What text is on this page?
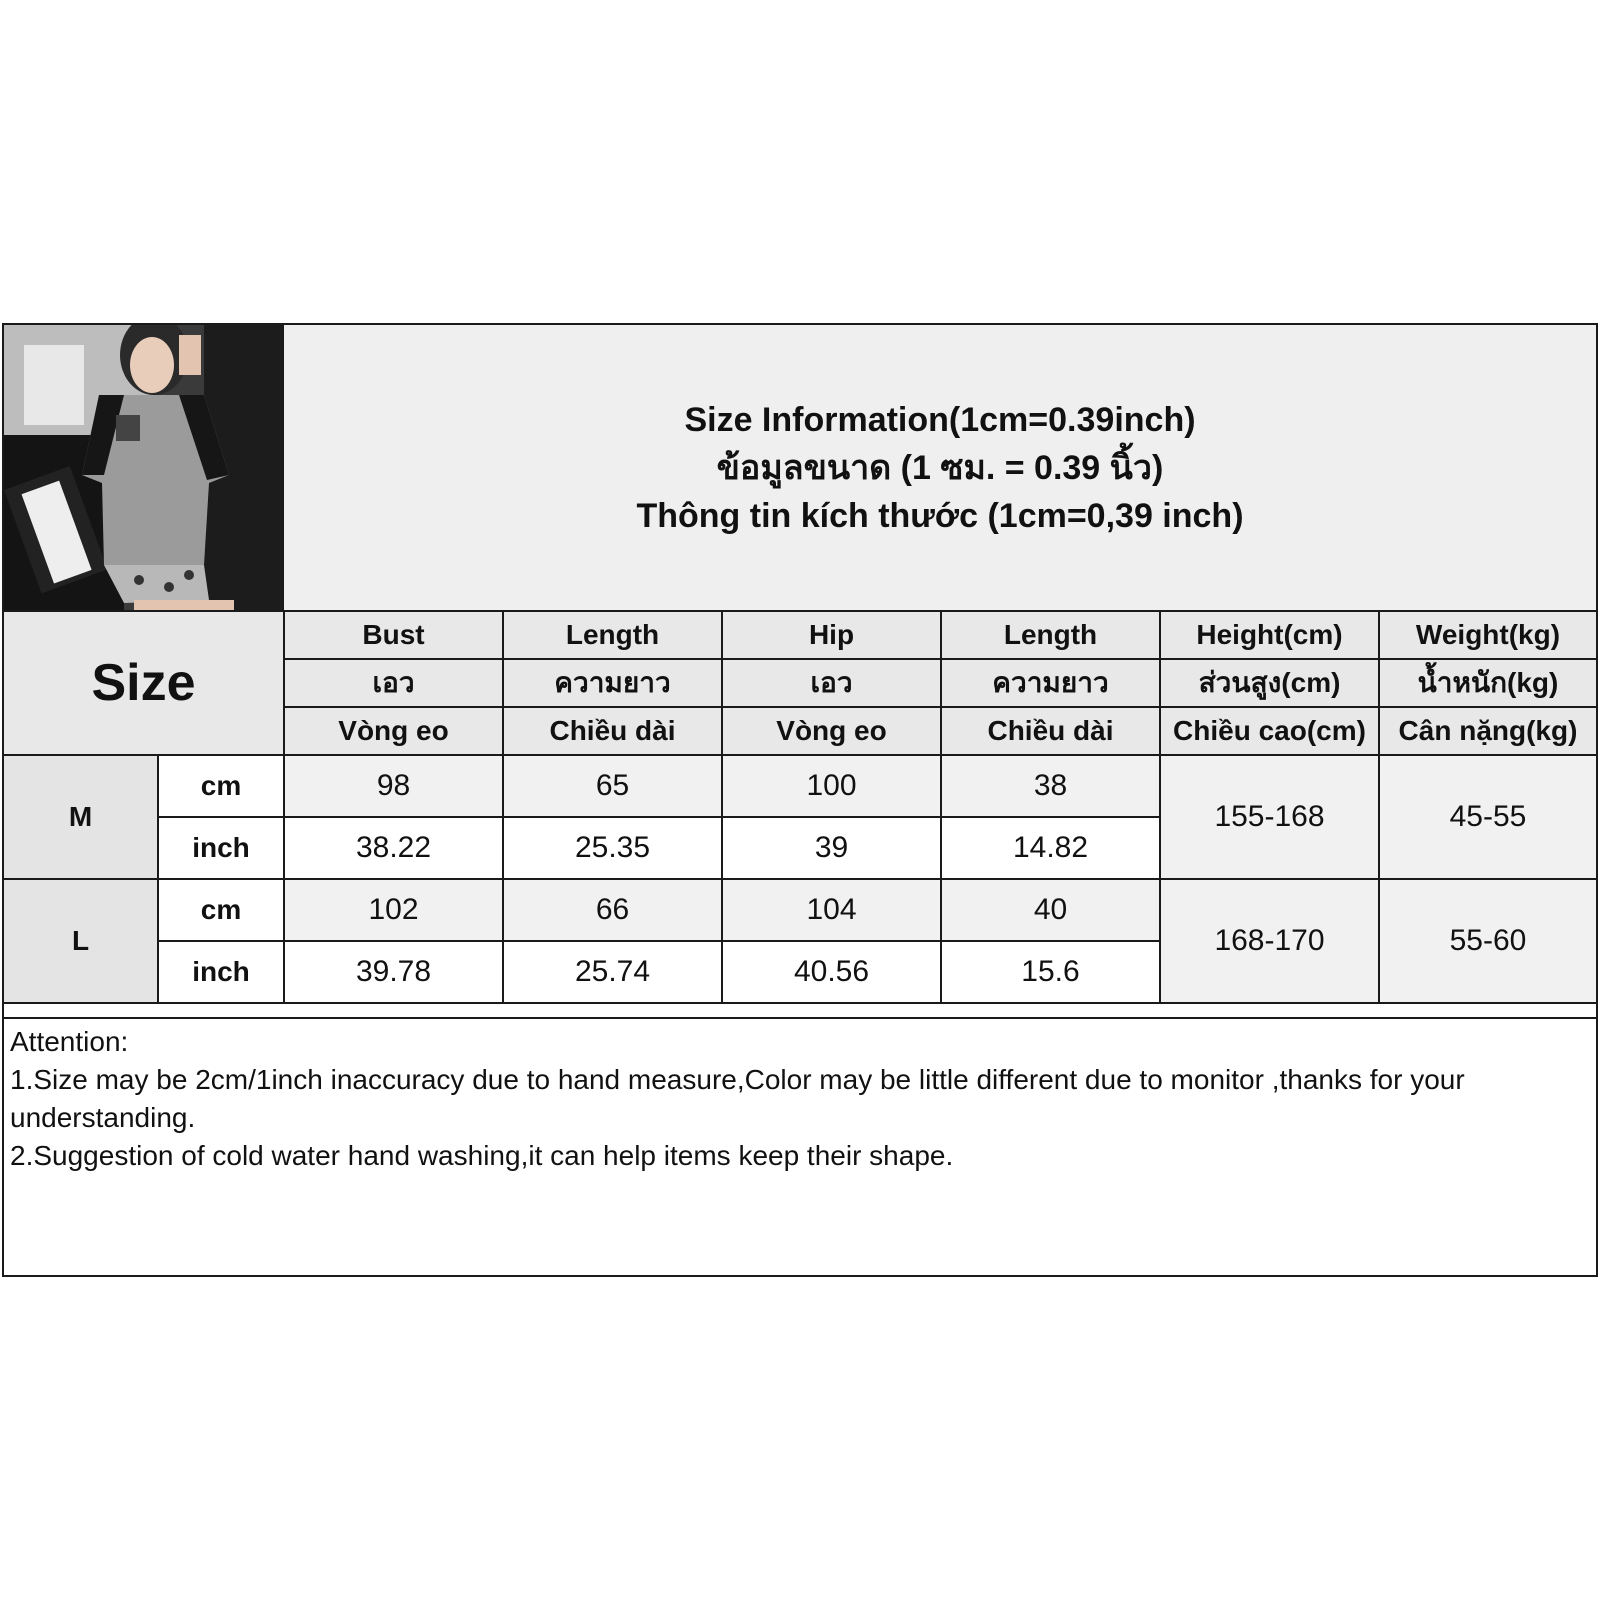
Size Information(1cm=0.39inch)
ข้อมูลขนาด (1 ซม. = 0.39 นิ้ว)
Thông tin kích thước (1cm=0,39 inch)
Size		Bust	Length	Hip	Length	Height(cm)	Weight(kg)
		เอว	ความยาว	เอว	ความยาว	ส่วนสูง(cm)	น้ำหนัก(kg)
		Vòng eo	Chiều dài	Vòng eo	Chiều dài	Chiều cao(cm)	Cân nặng(kg)
M	cm	98	65	100	38	155-168	45-55
	inch	38.22	25.35	39	14.82		
L	cm	102	66	104	40	168-170	55-60
	inch	39.78	25.74	40.56	15.6		
Attention:
1.Size may be 2cm/1inch inaccuracy due to hand measure,Color may be little different due to monitor ,thanks for your understanding.
2.Suggestion of cold water hand washing,it can help items keep their shape.
